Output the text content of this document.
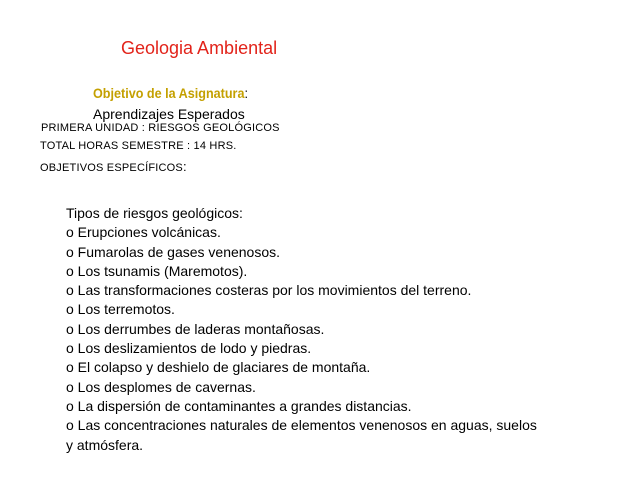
Geologia Ambiental
Objetivo de la Asignatura:
Aprendizajes Esperados
PRIMERA UNIDAD : RIESGOS GEOLÓGICOS
TOTAL HORAS SEMESTRE : 14 HRS.
OBJETIVOS ESPECÍFICOS:
Tipos de riesgos geológicos:
o Erupciones volcánicas.
o Fumarolas de gases venenosos.
o Los tsunamis (Maremotos).
o Las transformaciones costeras por los movimientos del terreno.
o Los terremotos.
o Los derrumbes de laderas montañosas.
o Los deslizamientos de lodo y piedras.
o El colapso y deshielo de glaciares de montaña.
o Los desplomes de cavernas.
o La dispersión de contaminantes a grandes distancias.
o Las concentraciones naturales de elementos venenosos en aguas, suelos
y atmósfera.
